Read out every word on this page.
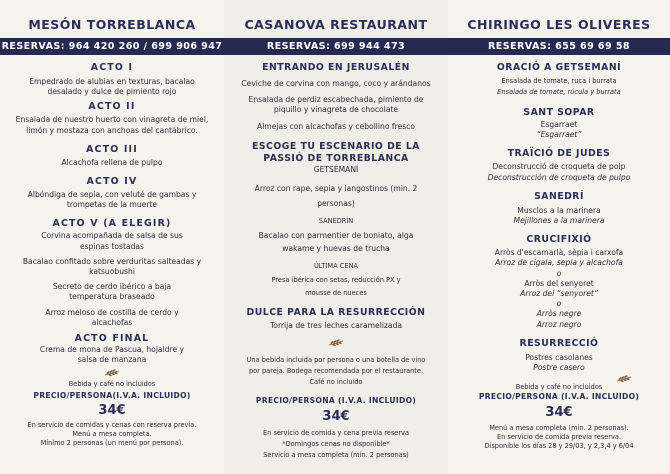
MESÓN TORREBLANCA
RESERVAS: 964 420 260 / 699 906 947
ACTO I
Empedrado de alubias en texturas, bacalao desalado y dulce de pimiento rojo
ACTO II
Ensalada de nuestro huerto con vinagreta de miel, limón y mostaza con anchoas del cantábrico.
ACTO III
Alcachofa rellena de pulpo
ACTO IV
Albóndiga de sepia, con veluté de gambas y trompetas de la muerte
ACTO V (A ELEGIR)
Corvina acompañada de salsa de sus espinas tostadas
Bacalao confitado sobre verduritas salteadas y katsuobushi
Secreto de cerdo ibérico a baja temperatura braseado
Arroz meloso de costilla de cerdo y alcachofas
ACTO FINAL
Crema de mona de Pascua, hojaldre y salsa de manzana
Bebida y café no incluidos
PRECIO/PERSONA(I.V.A. INCLUIDO)
34€
En servicio de comidas y cenas con reserva previa.
Menú a mesa completa.
Mínimo 2 personas (un menú por persona).
CASANOVA RESTAURANT
RESERVAS: 699 944 473
ENTRANDO EN JERUSALÉN
Ceviche de corvina con mango, coco y arándanos
Ensalada de perdiz escabechada, pimiento de piquillo y vinagreta de chocolate
Almejas con alcachofas y cebollino fresco
ESCOGE TU ESCENARIO DE LA
PASSIÓ DE TORREBLANCA
GETSEMANÍ
Arroz con rape, sepia y langostinos (min. 2 personas)
SANEDRÍN
Bacalao con parmentier de boniato, alga wakame y huevas de trucha
ÚLTIMA CENA
Presa ibérica con setas, reducción PX y mousse de nueces
DULCE PARA LA RESURRECCIÓN
Torrija de tres leches caramelizada
Una bebida incluida por persona o una botella de vino por pareja. Bodega recomendada por el restaurante. Café no incluido
PRECIO/PERSONA (I.V.A. INCLUIDO)
34€
En servicio de comida y cena previa reserva
*Domingos cenas no disponible*
Servicio a mesa completa (min. 2 personas)
CHIRINGO LES OLIVERES
RESERVAS: 655 69 69 58
ORACIÓ A GETSEMANÍ
Ensalada de tomate, ruca i burrata
Ensalada de tomate, rúcula y burrata
SANT SOPAR
Esgarraet
“Esgarraet”
TRAÏCIÓ DE JUDES
Deconstrucció de croqueta de polp
Deconstrucción de croqueta de pulpo
SANEDRÍ
Musclos a la marinera
Mejillones a la marinera
CRUCIFIXIÓ
Arròs d'escamarlà, sèpia i carxofa
Arroz de cigala, sepia y alcachofa
o
Arròs del senyoret
Arroz del “senyoret”
o
Arròs negre
Arroz negro
RESURRECCIÓ
Postres casolanes
Postre casero
Bebida y café no incluidos
PRECIO/PERSONA (I.V.A. INCLUIDO)
34€
Menú a mesa completa (min. 2 personas).
En servicio de comida previa reserva.
Disponible los días 28 y 29/03, y 2,3,4 y 6/04
